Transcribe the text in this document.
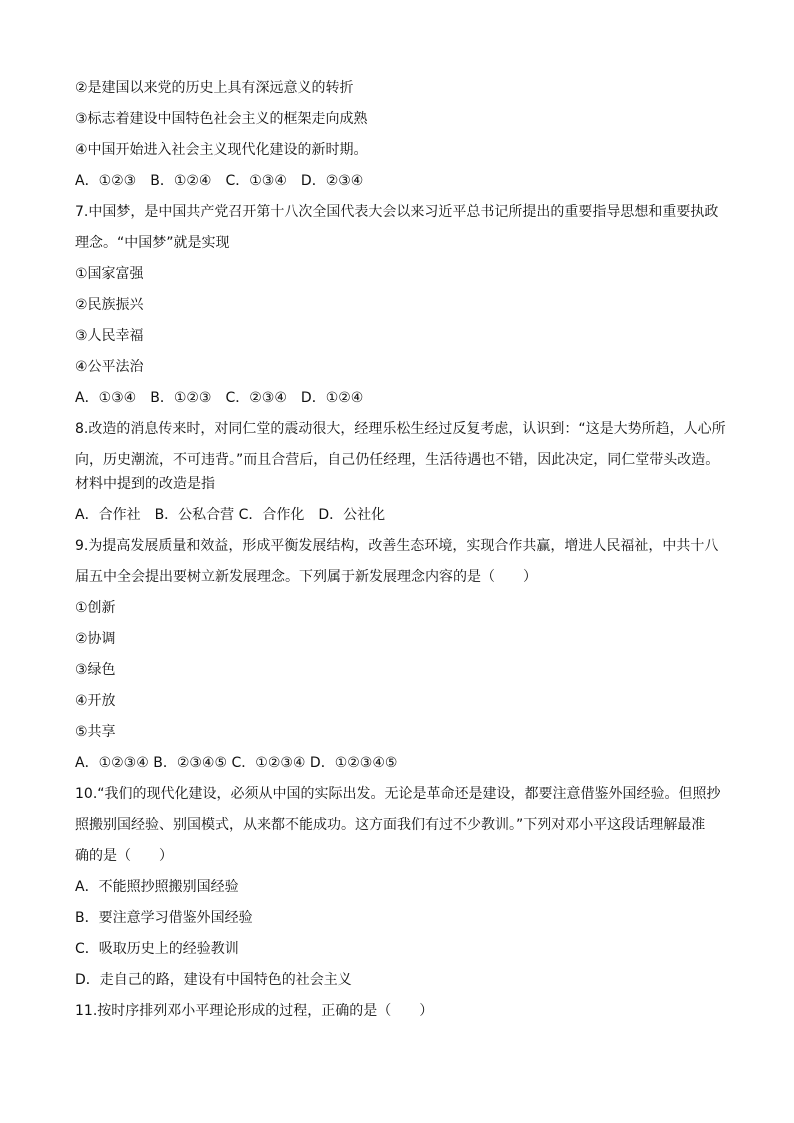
②是建国以来党的历史上具有深远意义的转折

③标志着建设中国特色社会主义的框架走向成熟

④中国开始进入社会主义现代化建设的新时期。

A．①②③　B．①②④　C．①③④　D．②③④

7.中国梦，是中国共产党召开第十八次全国代表大会以来习近平总书记所提出的重要指导思想和重要执政

理念。“中国梦”就是实现

①国家富强

②民族振兴

③人民幸福

④公平法治

A．①③④　B．①②③　C．②③④　D．①②④

8.改造的消息传来时，对同仁堂的震动很大，经理乐松生经过反复考虑，认识到：“这是大势所趋，人心所

向，历史潮流，不可违背。”而且合营后，自己仍任经理，生活待遇也不错，因此决定，同仁堂带头改造。

材料中提到的改造是指

A．合作社　B．公私合营 C．合作化　D．公社化

9.为提高发展质量和效益，形成平衡发展结构，改善生态环境，实现合作共赢，增进人民福祉，中共十八

届五中全会提出要树立新发展理念。下列属于新发展理念内容的是（　　）

①创新

②协调

③绿色

④开放

⑤共享

A．①②③④ B．②③④⑤ C．①②③④ D．①②③④⑤

10.“我们的现代化建设，必须从中国的实际出发。无论是革命还是建设，都要注意借鉴外国经验。但照抄

照搬别国经验、别国模式，从来都不能成功。这方面我们有过不少教训。”下列对邓小平这段话理解最准

确的是（　　）

A．不能照抄照搬别国经验

B．要注意学习借鉴外国经验

C．吸取历史上的经验教训

D．走自己的路，建设有中国特色的社会主义

11.按时序排列邓小平理论形成的过程，正确的是（　　）
